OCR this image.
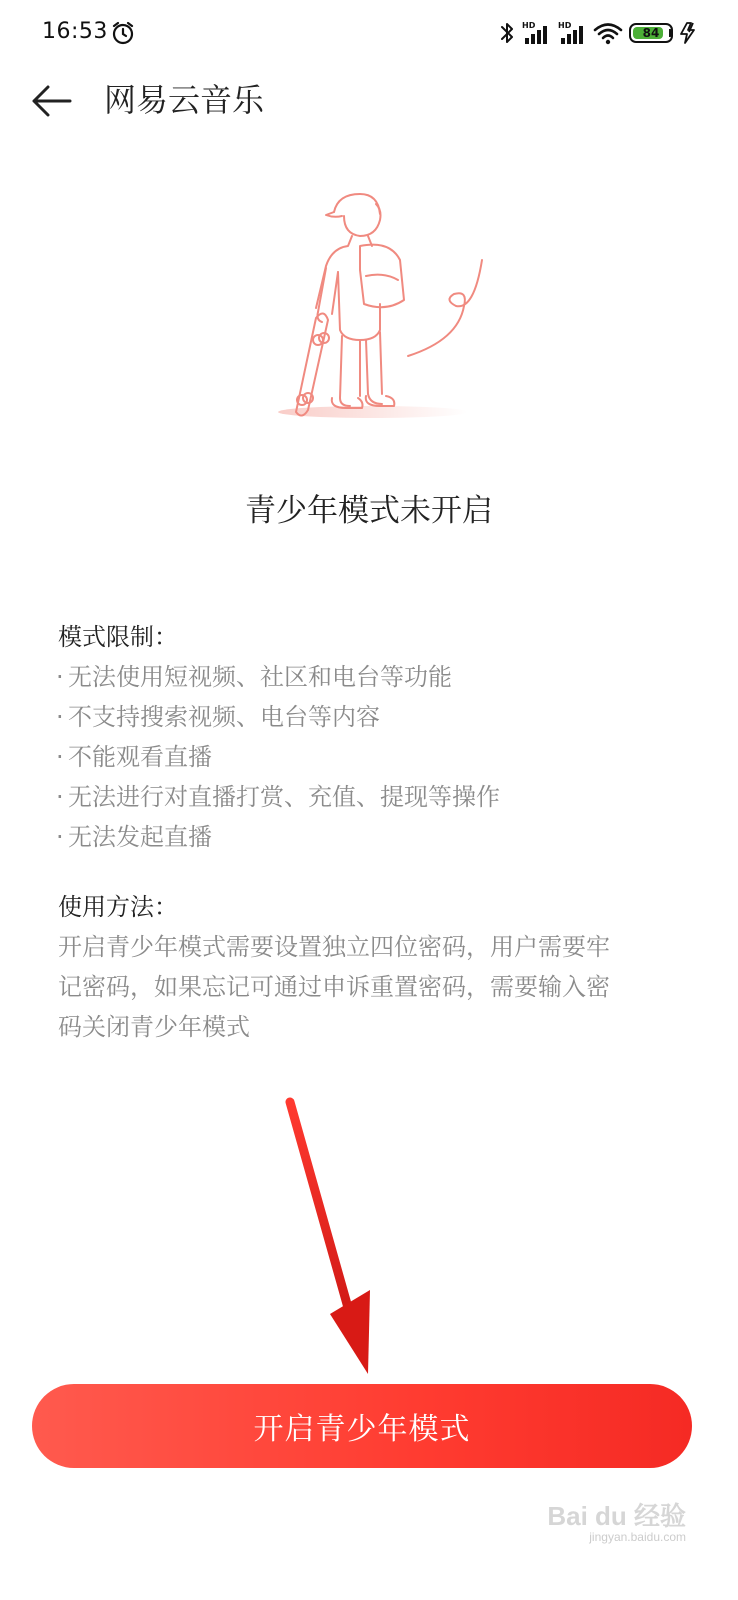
16:53	HD	HD
84
网易云音乐
青少年模式未开启

模式限制：

· 无法使用短视频、社区和电台等功能
· 不支持搜索视频、电台等内容
· 不能观看直播
· 无法进行对直播打赏、充值、提现等操作
· 无法发起直播

使用方法：

开启青少年模式需要设置独立四位密码，用户需要牢

记密码，如果忘记可通过申诉重置密码，需要输入密

码关闭青少年模式

开启青少年模式
Bai du 经验
jingyan.baidu.com
